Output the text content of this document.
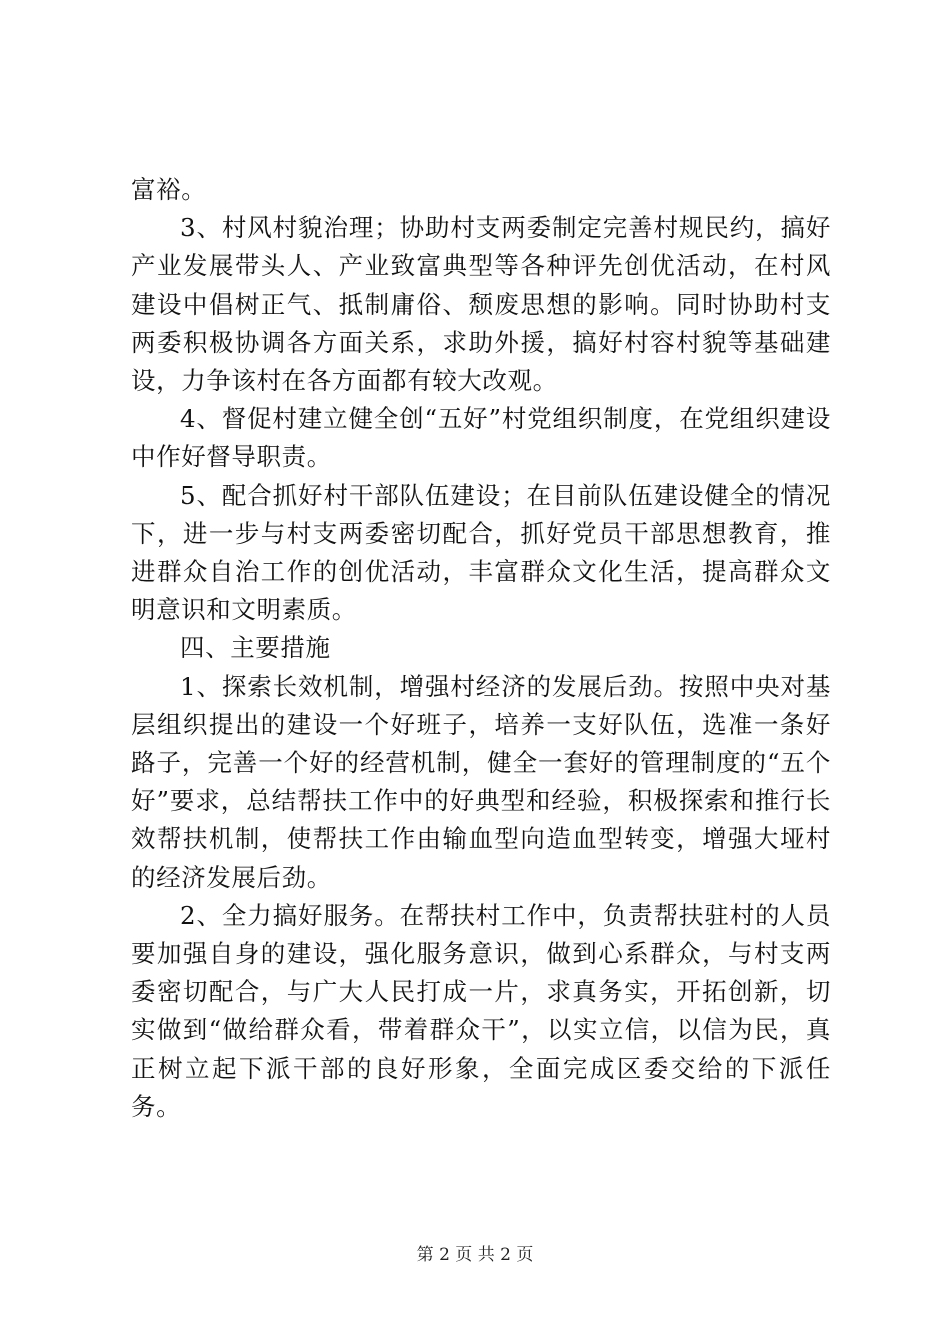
富裕。

3、村风村貌治理；协助村支两委制定完善村规民约，搞好产业发展带头人、产业致富典型等各种评先创优活动，在村风建设中倡树正气、抵制庸俗、颓废思想的影响。同时协助村支两委积极协调各方面关系，求助外援，搞好村容村貌等基础建设，力争该村在各方面都有较大改观。

4、督促村建立健全创“五好”村党组织制度，在党组织建设中作好督导职责。

5、配合抓好村干部队伍建设；在目前队伍建设健全的情况下，进一步与村支两委密切配合，抓好党员干部思想教育，推进群众自治工作的创优活动，丰富群众文化生活，提高群众文明意识和文明素质。

四、主要措施

1、探索长效机制，增强村经济的发展后劲。按照中央对基层组织提出的建设一个好班子，培养一支好队伍，选准一条好路子，完善一个好的经营机制，健全一套好的管理制度的“五个好”要求，总结帮扶工作中的好典型和经验，积极探索和推行长效帮扶机制，使帮扶工作由输血型向造血型转变，增强大垭村的经济发展后劲。

2、全力搞好服务。在帮扶村工作中，负责帮扶驻村的人员要加强自身的建设，强化服务意识，做到心系群众，与村支两委密切配合，与广大人民打成一片，求真务实，开拓创新，切实做到“做给群众看，带着群众干”，以实立信，以信为民，真正树立起下派干部的良好形象，全面完成区委交给的下派任务。

第 2 页 共 2 页
